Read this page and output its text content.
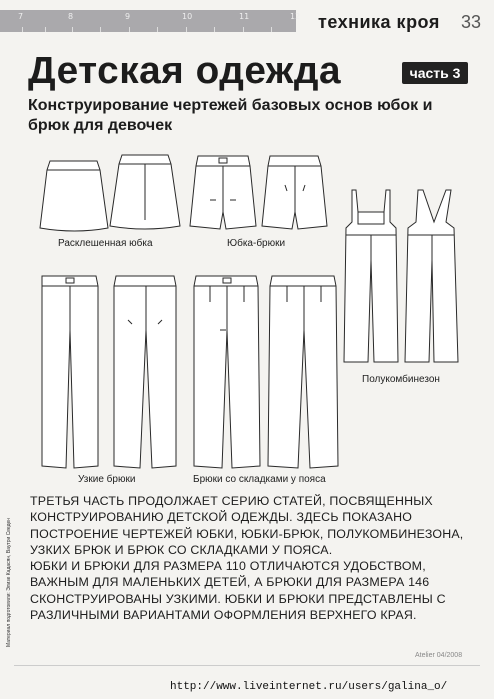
7	8	9	10	11	12 техника кроя 33
Детская одежда	часть 3
Конструирование чертежей базовых основ юбок и брюк для девочек
Расклешенная юбка	Юбка-брюки
Полукомбинезон
Узкие брюки	Брюки со складками у пояса

ТРЕТЬЯ ЧАСТЬ ПРОДОЛЖАЕТ СЕРИЮ СТАТЕЙ, ПОСВЯЩЕННЫХ КОНСТРУИРОВАНИЮ ДЕТСКОЙ ОДЕЖДЫ. ЗДЕСЬ ПОКАЗАНО ПОСТРОЕНИЕ ЧЕРТЕЖЕЙ ЮБКИ, ЮБКИ-БРЮК, ПОЛУКОМБИНЕЗОНА, УЗКИХ БРЮК И БРЮК СО СКЛАДКАМИ У ПОЯСА.

ЮБКИ И БРЮКИ ДЛЯ РАЗМЕРА 110 ОТЛИЧАЮТСЯ УДОБСТВОМ, ВАЖНЫМ ДЛЯ МАЛЕНЬКИХ ДЕТЕЙ, А БРЮКИ ДЛЯ РАЗМЕРА 146 СКОНСТРУИРОВАНЫ УЗКИМИ. ЮБКИ И БРЮКИ ПРЕДСТАВЛЕНЫ С РАЗЛИЧНЫМИ ВАРИАНТАМИ ОФОРМЛЕНИЯ ВЕРХНЕГО КРАЯ.

Материал подготовили: Элизе Кадасян, Ваутри Сведен
Atelier 04/2008
http://www.liveinternet.ru/users/galina_o/
